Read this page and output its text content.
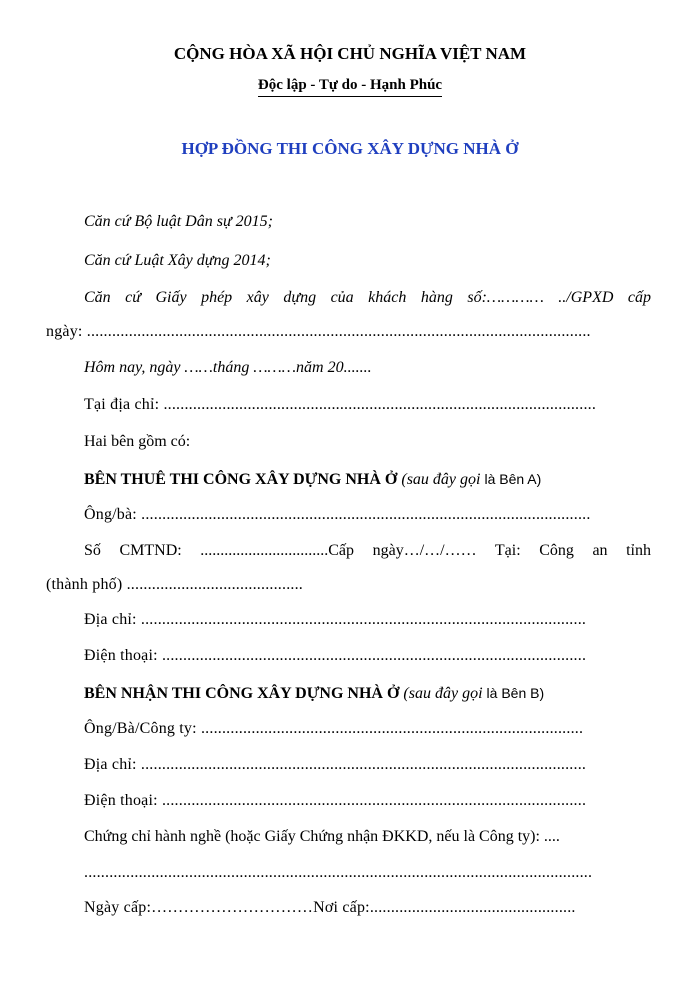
CỘNG HÒA XÃ HỘI CHỦ NGHĨA VIỆT NAM
Độc lập - Tự do - Hạnh Phúc
HỢP ĐỒNG THI CÔNG XÂY DỰNG NHÀ Ở
Căn cứ Bộ luật Dân sự 2015;
Căn cứ Luật Xây dựng 2014;
Căn cứ Giấy phép xây dựng của khách hàng số:………… ../GPXD cấp
ngày: ........................................................................................................................
Hôm nay, ngày ……tháng ………năm 20.......
Tại địa chỉ: .......................................................................................................
Hai bên gồm có:
BÊN THUÊ THI CÔNG XÂY DỰNG NHÀ Ở (sau đây gọi là Bên A)
Ông/bà: ...........................................................................................................
Số CMTND: ................................Cấp ngày…/…/…… Tại: Công an tỉnh
(thành phố) ..........................................
Địa chỉ: ..........................................................................................................
Điện thoại: .....................................................................................................
BÊN NHẬN THI CÔNG XÂY DỰNG NHÀ Ở (sau đây gọi là Bên B)
Ông/Bà/Công ty: ...........................................................................................
Địa chỉ: ..........................................................................................................
Điện thoại: .....................................................................................................
Chứng chỉ hành nghề (hoặc Giấy Chứng nhận ĐKKD, nếu là Công ty): ....
.........................................................................................................................
Ngày cấp:…………………………Nơi cấp:.................................................
